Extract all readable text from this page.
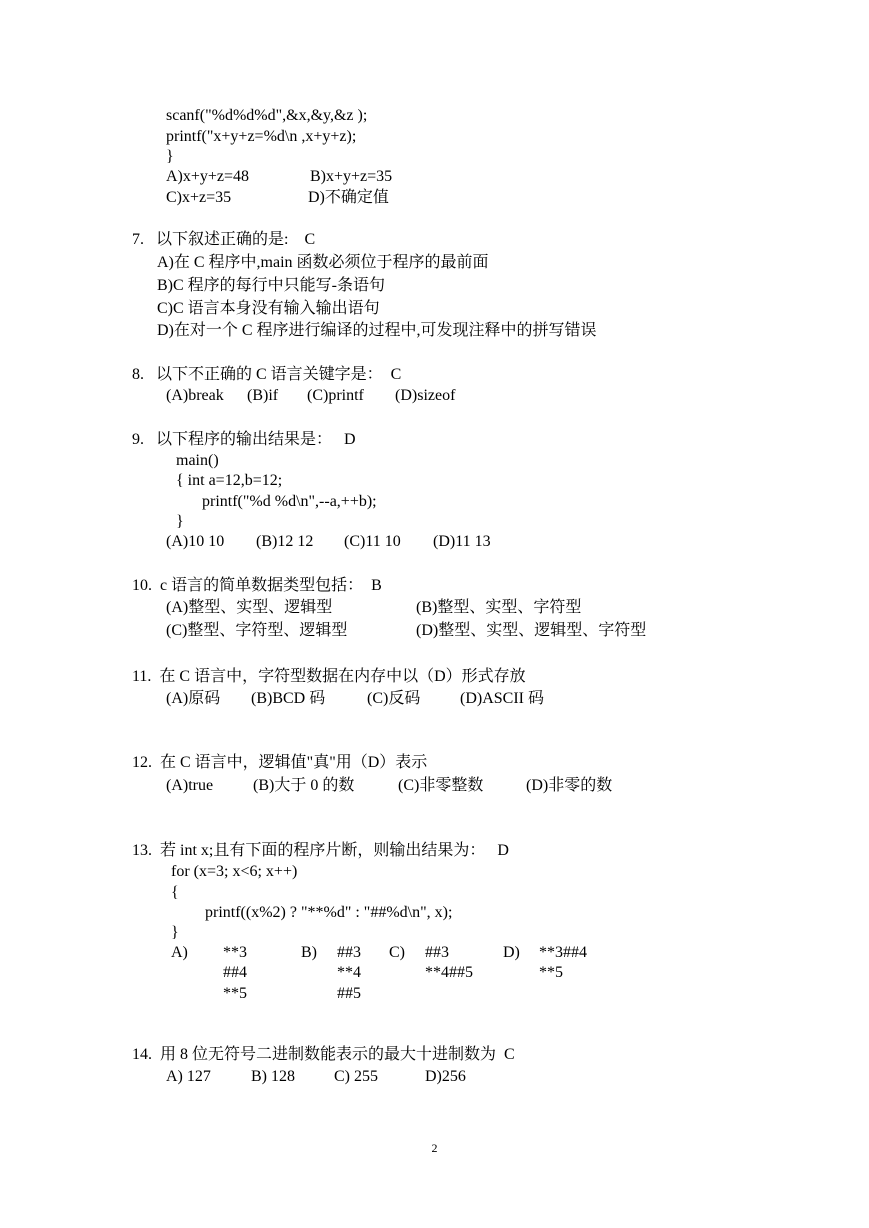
scanf("%d%d%d",&x,&y,&z );
printf("x+y+z=%d\n ,x+y+z);
}
A)x+y+z=48	B)x+y+z=35
C)x+z=35	D)不确定值
7.   以下叙述正确的是:    C
A)在 C 程序中,main 函数必须位于程序的最前面
B)C 程序的每行中只能写-条语句
C)C 语言本身没有输入输出语句
D)在对一个 C 程序进行编译的过程中,可发现注释中的拼写错误
8.   以下不正确的 C 语言关键字是：  C
(A)break (B)if (C)printf (D)sizeof
9.   以下程序的输出结果是：   D
main()
{ int a=12,b=12;
printf("%d %d\n",--a,++b);
}
(A)10 10 (B)12 12 (C)11 10 (D)11 13
10.  c 语言的简单数据类型包括：  B
(A)整型、实型、逻辑型	(B)整型、实型、字符型
(C)整型、字符型、逻辑型	(D)整型、实型、逻辑型、字符型
11.  在 C 语言中，字符型数据在内存中以（D）形式存放
(A)原码 (B)BCD 码	(C)反码 (D)ASCII 码
12.  在 C 语言中，逻辑值"真"用（D）表示
(A)true (B)大于 0 的数	(C)非零整数	(D)非零的数
13.  若 int x;且有下面的程序片断，则输出结果为：   D
for (x=3; x<6; x++)
{
printf((x%2) ? "**%d" : "##%d\n", x);
}
A) **3
##4
**5
B) ##3
**4
##5
C) ##3
**4##5
D) **3##4
**5
14.  用 8 位无符号二进制数能表示的最大十进制数为  C
A) 127	B) 128 C) 255	D)256
2
